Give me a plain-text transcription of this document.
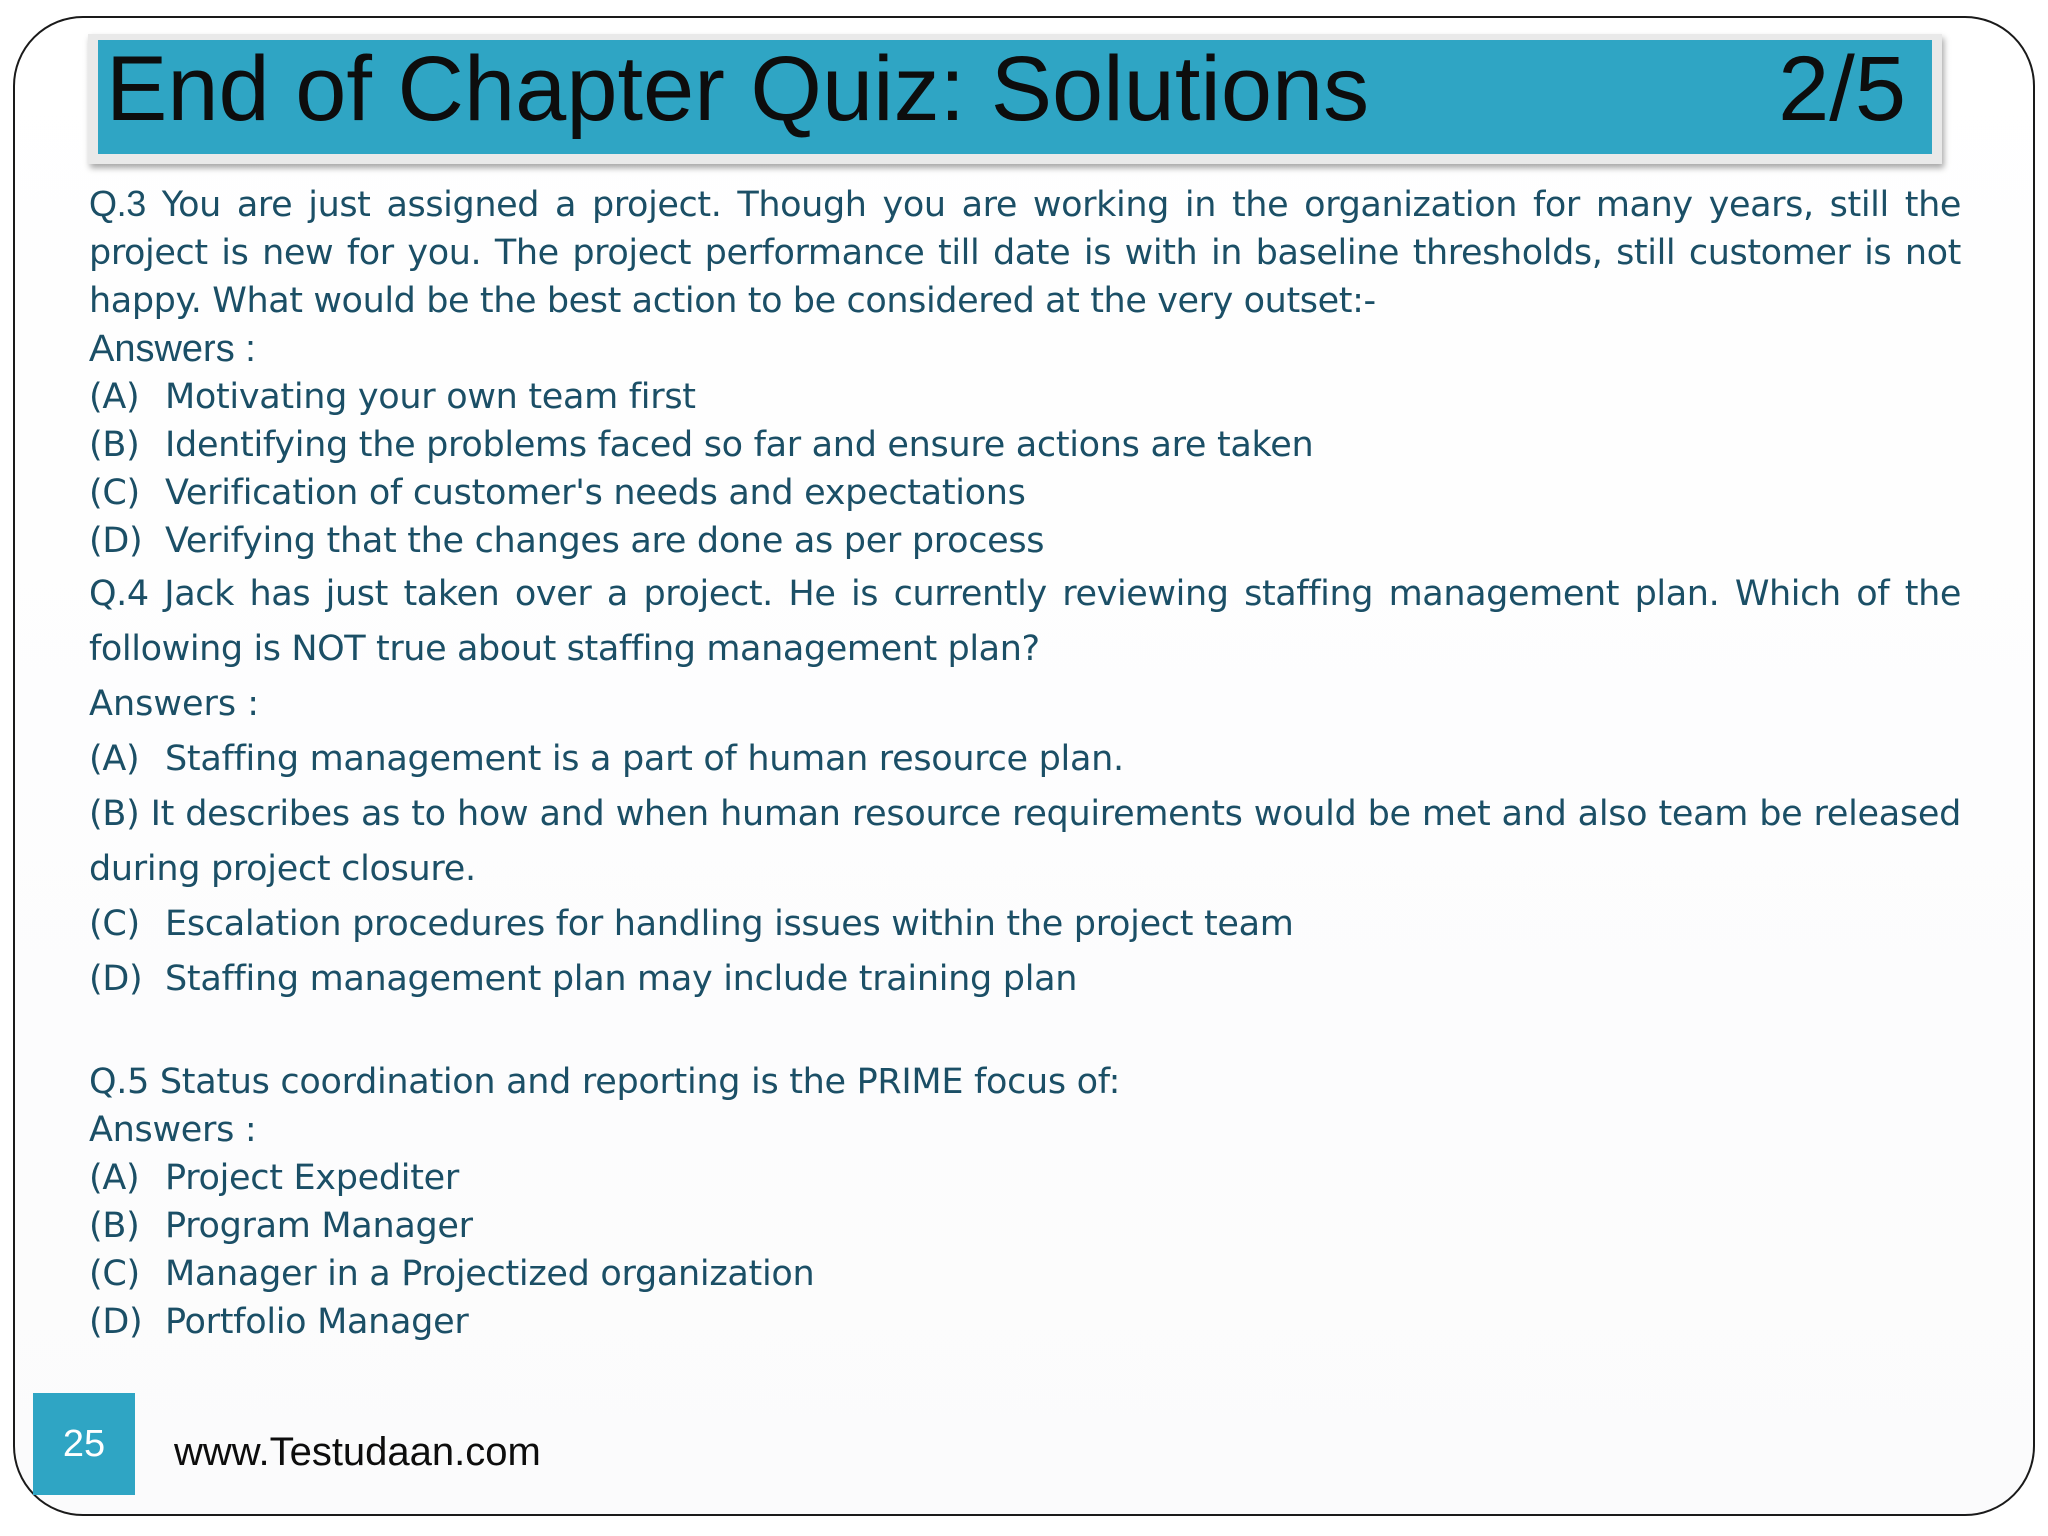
End of Chapter Quiz: Solutions	2/5

Q.3 You are just assigned a project. Though you are working in the organization for many years, still the project is new for you. The project performance till date is with in baseline thresholds, still customer is not happy. What would be the best action to be considered at the very outset:-

Answers :

(A) Motivating your own team first

(B) Identifying the problems faced so far and ensure actions are taken

(C) Verification of customer's needs and expectations

(D) Verifying that the changes are done as per process

Q.4 Jack has just taken over a project. He is currently reviewing staffing management plan. Which of the following is NOT true about staffing management plan?

Answers :

(A) Staffing management is a part of human resource plan.

(B) It describes as to how and when human resource requirements would be met and also team be released during project closure.

(C) Escalation procedures for handling issues within the project team

(D) Staffing management plan may include training plan

Q.5 Status coordination and reporting is the PRIME focus of:

Answers :

(A) Project Expediter

(B) Program Manager

(C) Manager in a Projectized organization

(D) Portfolio Manager

25	www.Testudaan.com
